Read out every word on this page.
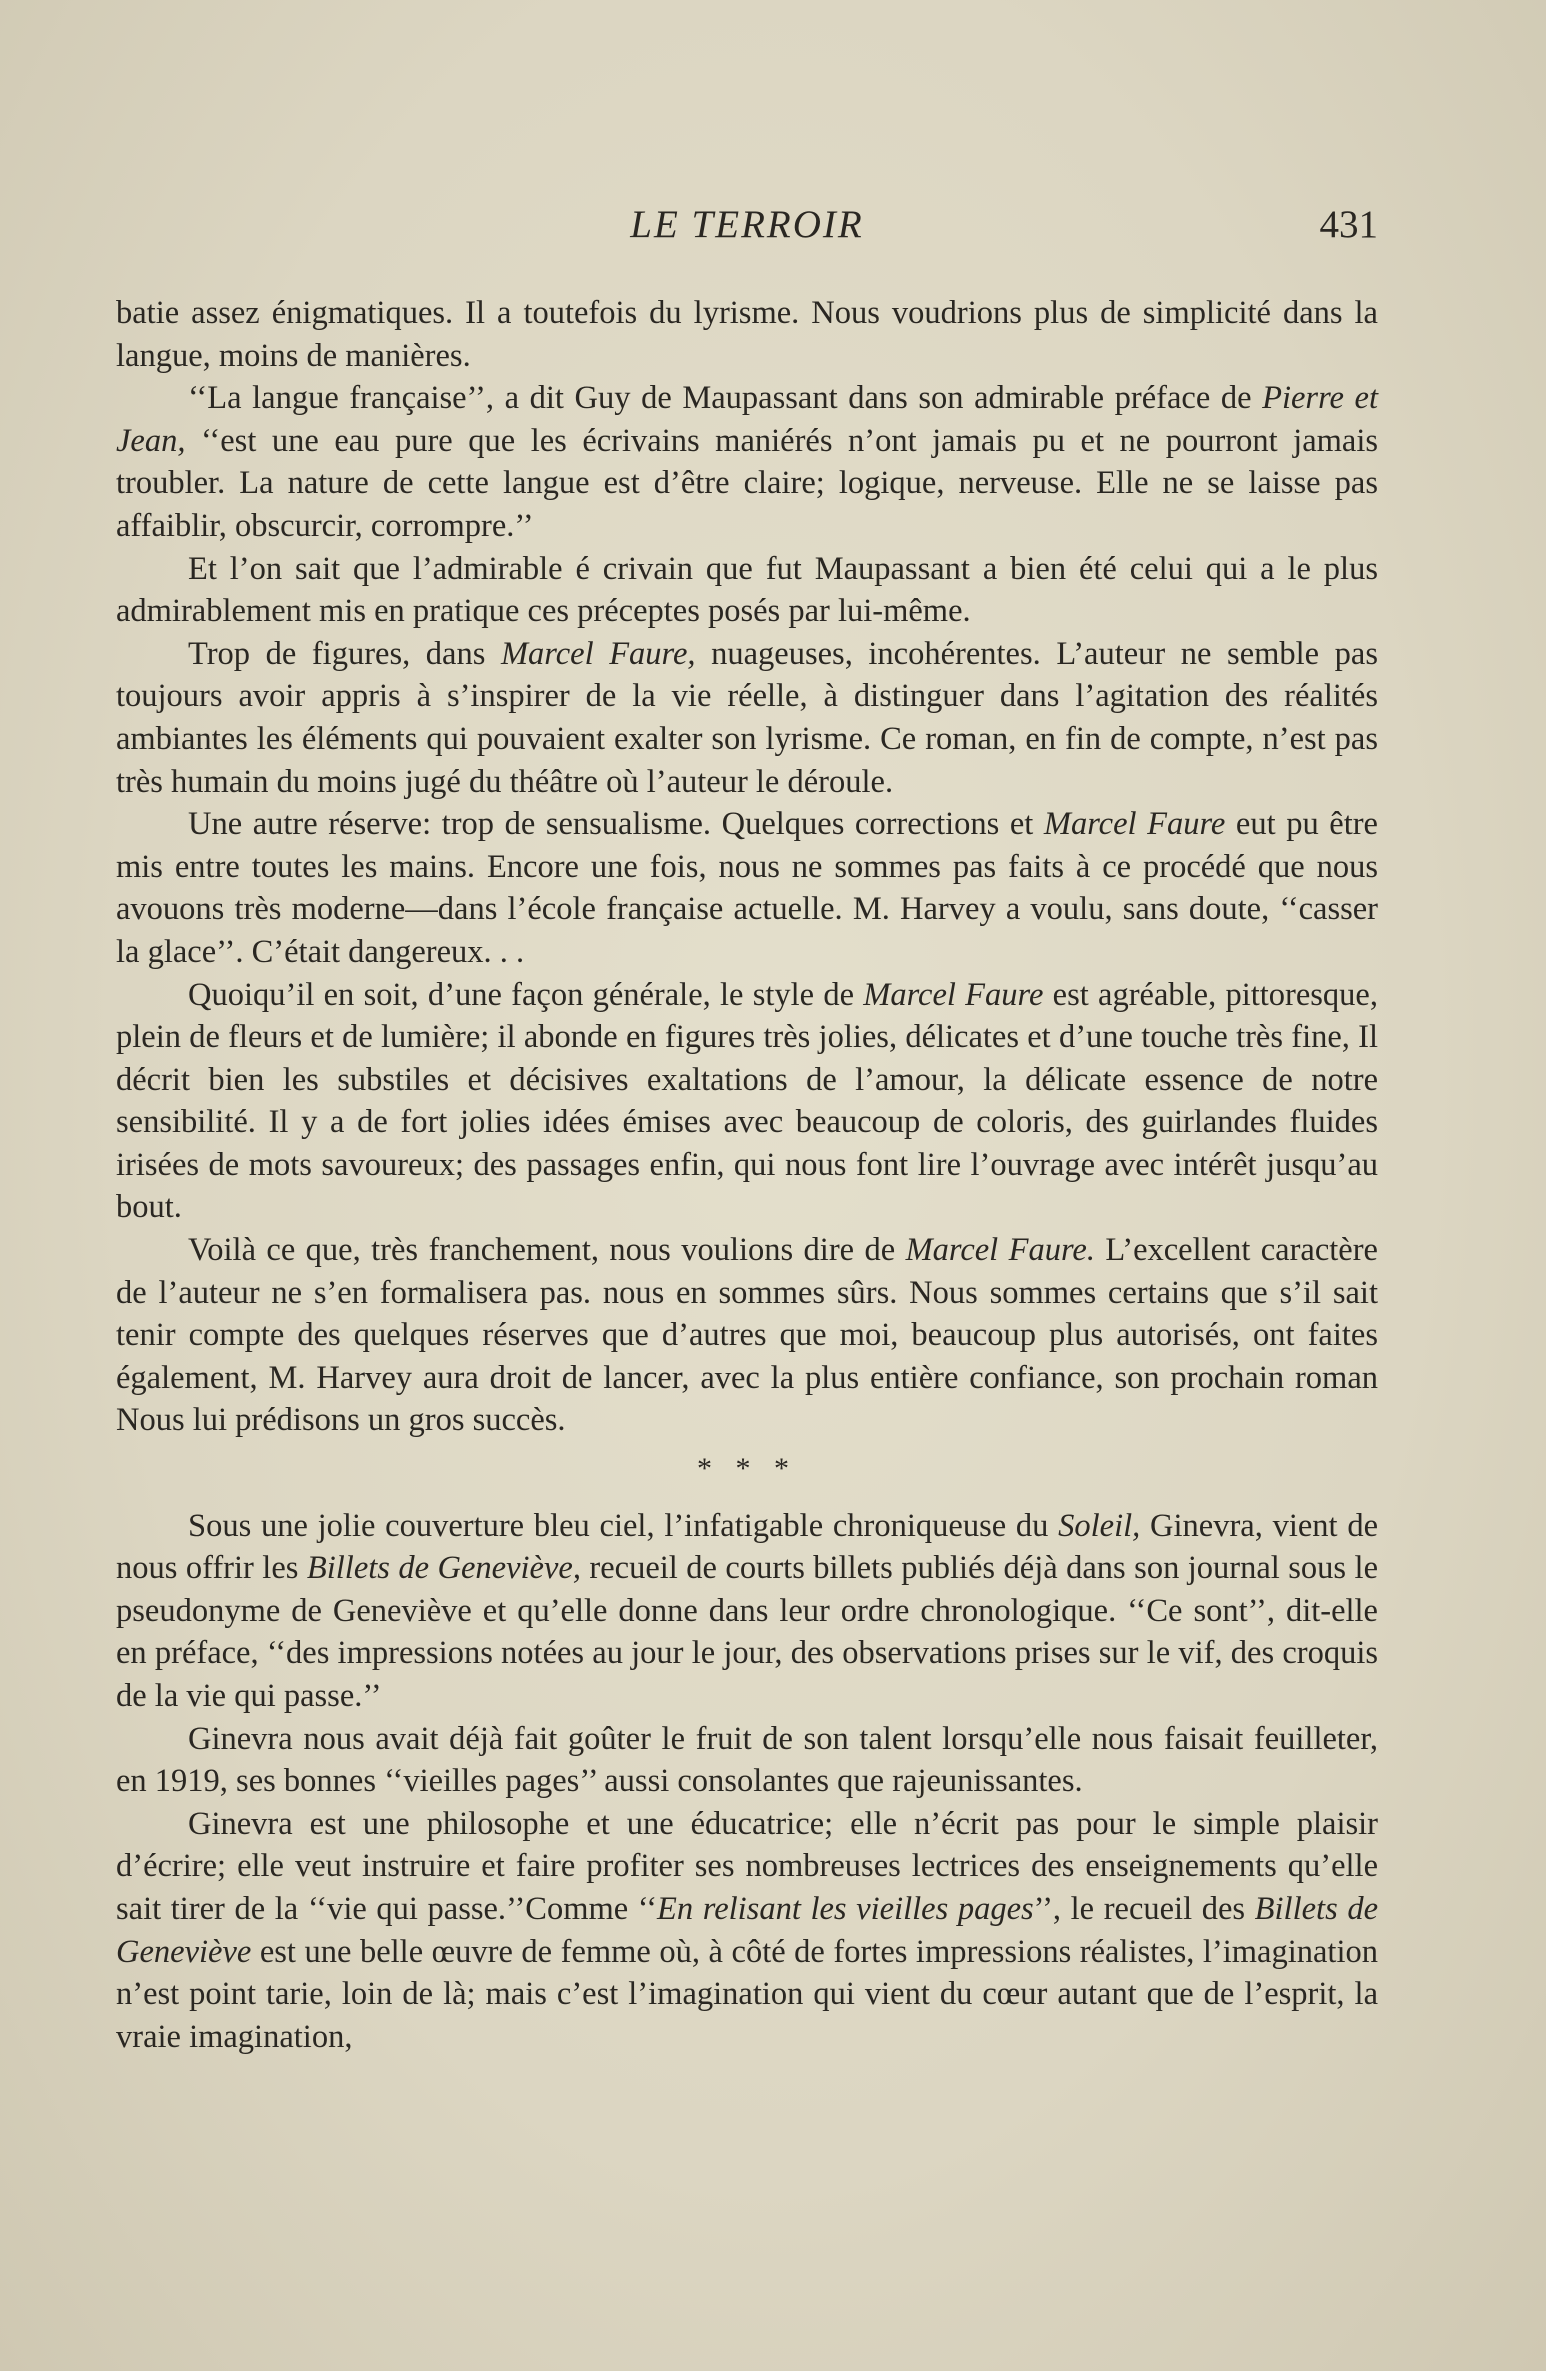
LE TERROIR	431

batie assez énigmatiques. Il a toutefois du lyrisme. Nous voudrions plus de simplicité dans la langue, moins de manières.

‘‘La langue française’’, a dit Guy de Maupassant dans son admirable préface de Pierre et Jean, ‘‘est une eau pure que les écrivains maniérés n’ont jamais pu et ne pourront jamais troubler. La nature de cette langue est d’être claire; logique, nerveuse. Elle ne se laisse pas affaiblir, obscurcir, corrompre.’’

Et l’on sait que l’admirable é crivain que fut Maupassant a bien été celui qui a le plus admirablement mis en pratique ces préceptes posés par lui-même.

Trop de figures, dans Marcel Faure, nuageuses, incohérentes. L’auteur ne semble pas toujours avoir appris à s’inspirer de la vie réelle, à distinguer dans l’agitation des réalités ambiantes les éléments qui pouvaient exalter son lyrisme. Ce roman, en fin de compte, n’est pas très humain du moins jugé du théâtre où l’auteur le déroule.

Une autre réserve: trop de sensualisme. Quelques corrections et Marcel Faure eut pu être mis entre toutes les mains. Encore une fois, nous ne sommes pas faits à ce procédé que nous avouons très moderne—dans l’école française actuelle. M. Harvey a voulu, sans doute, ‘‘casser la glace’’. C’était dangereux. . .

Quoiqu’il en soit, d’une façon générale, le style de Marcel Faure est agréable, pittoresque, plein de fleurs et de lumière; il abonde en figures très jolies, délicates et d’une touche très fine, Il décrit bien les substiles et décisives exaltations de l’amour, la délicate essence de notre sensibilité. Il y a de fort jolies idées émises avec beaucoup de coloris, des guirlandes fluides irisées de mots savoureux; des passages enfin, qui nous font lire l’ouvrage avec intérêt jusqu’au bout.

Voilà ce que, très franchement, nous voulions dire de Marcel Faure. L’excellent caractère de l’auteur ne s’en formalisera pas. nous en sommes sûrs. Nous sommes certains que s’il sait tenir compte des quelques réserves que d’autres que moi, beaucoup plus autorisés, ont faites également, M. Harvey aura droit de lancer, avec la plus entière confiance, son prochain roman Nous lui prédisons un gros succès.

* * *

Sous une jolie couverture bleu ciel, l’infatigable chroniqueuse du Soleil, Ginevra, vient de nous offrir les Billets de Geneviève, recueil de courts billets publiés déjà dans son journal sous le pseudonyme de Geneviève et qu’elle donne dans leur ordre chronologique. ‘‘Ce sont’’, dit-elle en préface, ‘‘des impressions notées au jour le jour, des observations prises sur le vif, des croquis de la vie qui passe.’’

Ginevra nous avait déjà fait goûter le fruit de son talent lorsqu’elle nous faisait feuilleter, en 1919, ses bonnes ‘‘vieilles pages’’ aussi consolantes que rajeunissantes.

Ginevra est une philosophe et une éducatrice; elle n’écrit pas pour le simple plaisir d’écrire; elle veut instruire et faire profiter ses nombreuses lectrices des enseignements qu’elle sait tirer de la ‘‘vie qui passe.’’Comme ‘‘En relisant les vieilles pages’’, le recueil des Billets de Geneviève est une belle œuvre de femme où, à côté de fortes impressions réalistes, l’imagination n’est point tarie, loin de là; mais c’est l’imagination qui vient du cœur autant que de l’esprit, la vraie imagination,
